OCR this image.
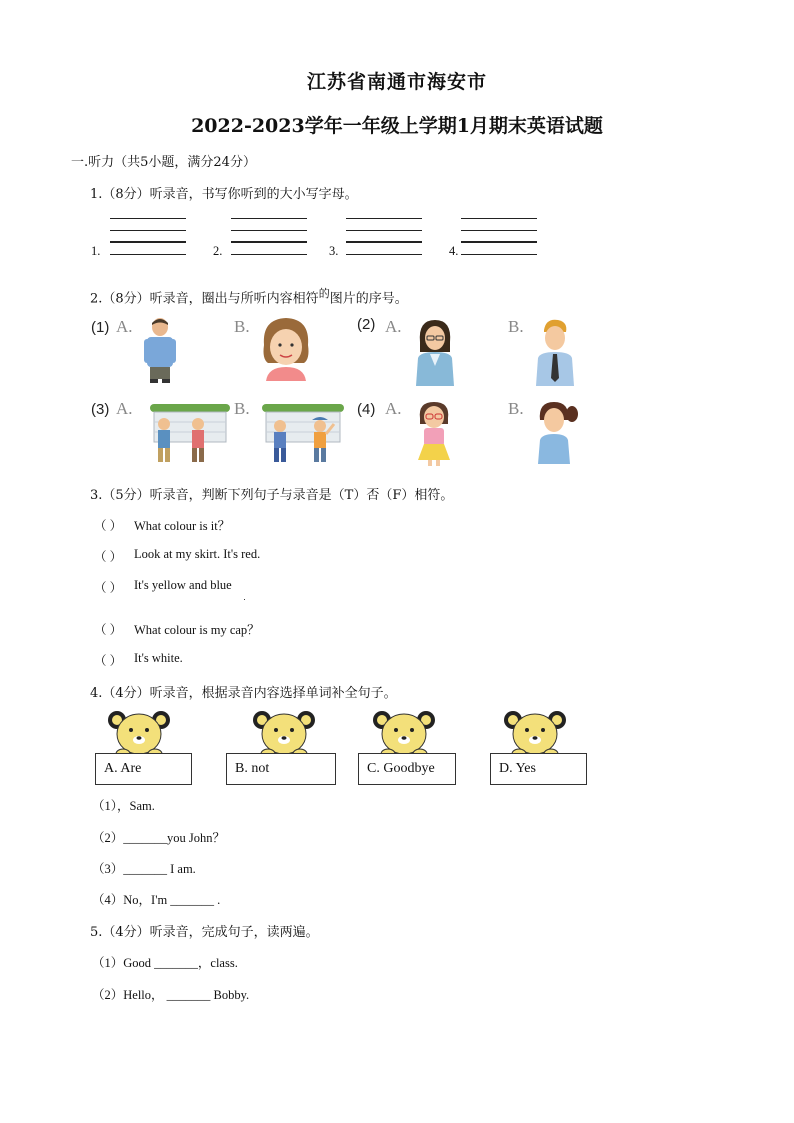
江苏省南通市海安市
2022-2023学年一年级上学期1月期末英语试题
一.听力（共5小题，满分24分）
1.（8分）听录音，书写你听到的大小写字母。
1.	2.	3.	4.
2.（8分）听录音，圈出与所听内容相符$^的$图片的序号。
(1) A.	B.	(2) A.	B.
(3) A.	B.	(4) A.	B.
3.（5分）听录音，判断下列句子与录音是（T）否（F）相符。
（ ） What colour is it？
（ ） Look at my skirt. It's red.
（ ） It's yellow and blue
（ ） What colour is my cap？
（ ） It's white.
4.（4分）听录音，根据录音内容选择单词补全句子。
A. Are	B. not	C. Goodbye	D. Yes
（1），Sam.
（2）_______you John？
（3）_______ I am.
（4）No，I'm _______ .
5.（4分）听录音，完成句子，读两遍。
（1）Good _______，class.
（2）Hello， _______ Bobby.
